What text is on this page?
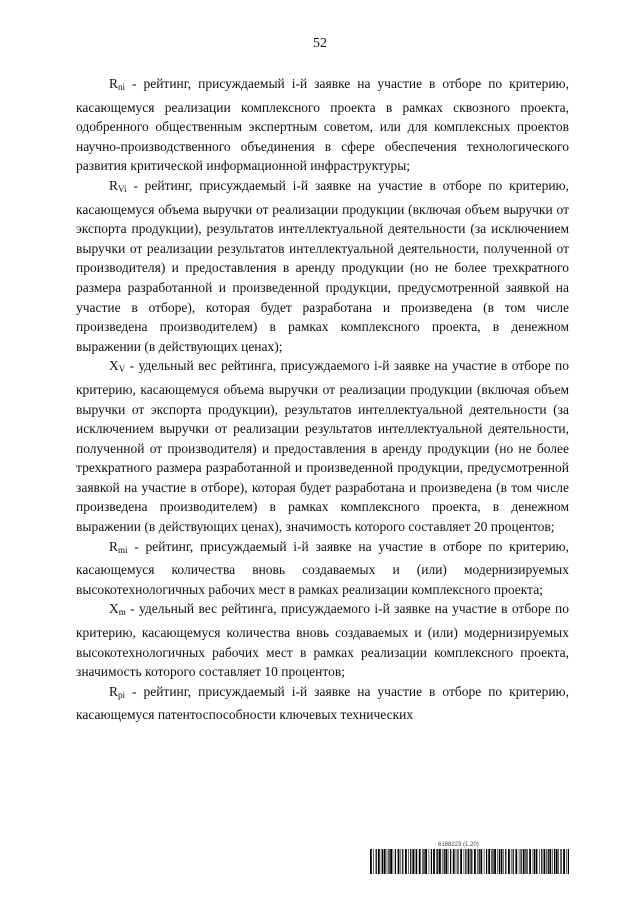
52

$R_{ni}$ - рейтинг, присуждаемый i-й заявке на участие в отборе по критерию, касающемуся реализации комплексного проекта в рамках сквозного проекта, одобренного общественным экспертным советом, или для комплексных проектов научно-производственного объединения в сфере обеспечения технологического развития критической информационной инфраструктуры;

$R_{Vi}$ - рейтинг, присуждаемый i-й заявке на участие в отборе по критерию, касающемуся объема выручки от реализации продукции (включая объем выручки от экспорта продукции), результатов интеллектуальной деятельности (за исключением выручки от реализации результатов интеллектуальной деятельности, полученной от производителя) и предоставления в аренду продукции (но не более трехкратного размера разработанной и произведенной продукции, предусмотренной заявкой на участие в отборе), которая будет разработана и произведена (в том числе произведена производителем) в рамках комплексного проекта, в денежном выражении (в действующих ценах);

$X_V$ - удельный вес рейтинга, присуждаемого i-й заявке на участие в отборе по критерию, касающемуся объема выручки от реализации продукции (включая объем выручки от экспорта продукции), результатов интеллектуальной деятельности (за исключением выручки от реализации результатов интеллектуальной деятельности, полученной от производителя) и предоставления в аренду продукции (но не более трехкратного размера разработанной и произведенной продукции, предусмотренной заявкой на участие в отборе), которая будет разработана и произведена (в том числе произведена производителем) в рамках комплексного проекта, в денежном выражении (в действующих ценах), значимость которого составляет 20 процентов;

$R_{mi}$ - рейтинг, присуждаемый i-й заявке на участие в отборе по критерию, касающемуся количества вновь создаваемых и (или) модернизируемых высокотехнологичных рабочих мест в рамках реализации комплексного проекта;

$X_m$ - удельный вес рейтинга, присуждаемого i-й заявке на участие в отборе по критерию, касающемуся количества вновь создаваемых и (или) модернизируемых высокотехнологичных рабочих мест в рамках реализации комплексного проекта, значимость которого составляет 10 процентов;

$R_{pi}$ - рейтинг, присуждаемый i-й заявке на участие в отборе по критерию, касающемуся патентоспособности ключевых технических

6188223 (1.20)
